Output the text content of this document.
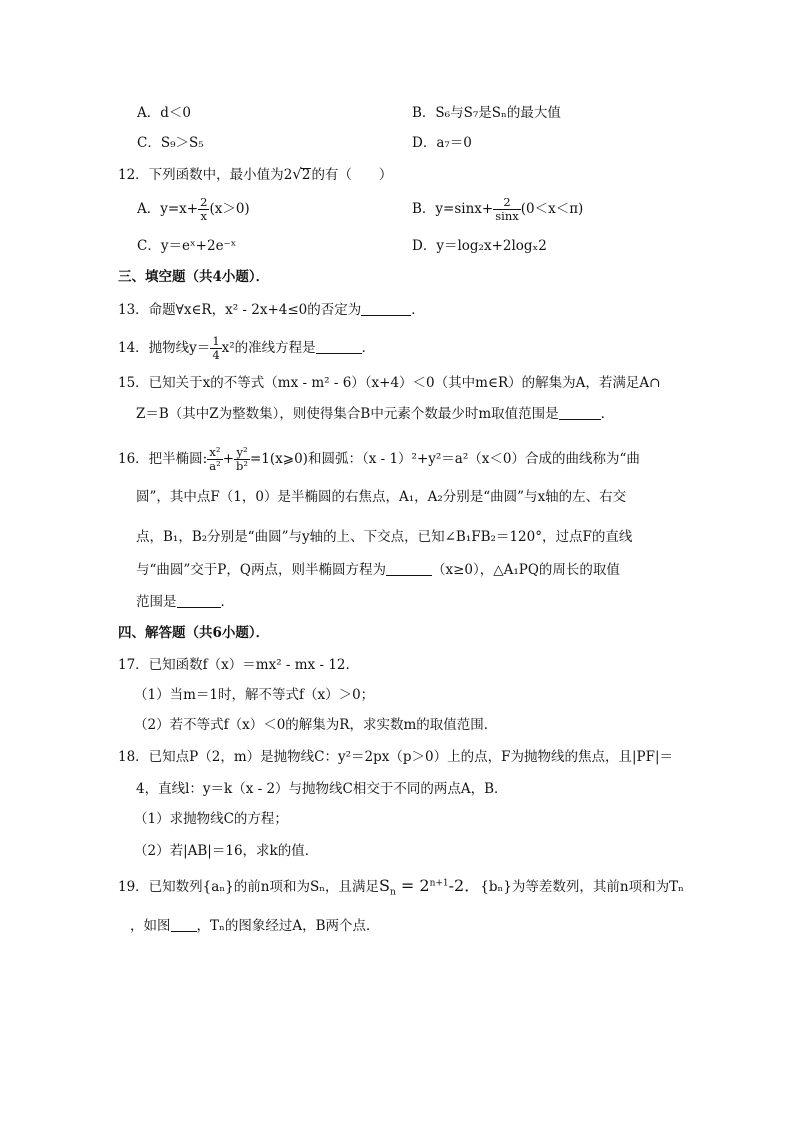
A．d＜0	B．S₆与S₇是Sₙ的最大值
C．S₉＞S₅	D．a₇＝0
12．下列函数中，最小值为2√2的有（　　）
A．$y=x+ \frac{2}{x} (x>0)$	B．$y=\sin x+ \frac{2}{\sin x} (0<x<\pi)$
C．y＝eˣ+2e⁻ˣ	D．y＝log₂x+2logₓ2
三、填空题（共4小题）．
13．命题∀x∈R，x² - 2x+4≤0的否定为	．
14．抛物线$y= \frac{1}{4} x^2$的准线方程是	．
15．已知关于x的不等式（mx - m² - 6）（x+4）＜0（其中m∈R）的解集为A，若满足A∩
Z＝B（其中Z为整数集），则使得集合B中元素个数最少时m取值范围是	．
16．把半椭圆: $\frac{\text{x²}}{\text{a²}} + \frac{\text{y²}}{\text{b²}}$ =1(x⩾0)和圆弧：（x - 1）²+y²＝a²（x＜0）合成的曲线称为“曲
圆”，其中点F（1，0）是半椭圆的右焦点，A₁，A₂分别是“曲圆”与x轴的左、右交
点，B₁，B₂分别是“曲圆”与y轴的上、下交点，已知∠B₁FB₂＝120°，过点F的直线
与“曲圆”交于P，Q两点，则半椭圆方程为	（x≥0），△A₁PQ的周长的取值
范围是	．
四、解答题（共6小题）．
17．已知函数f（x）＝mx² - mx - 12．
（1）当m＝1时，解不等式f（x）＞0；
（2）若不等式f（x）＜0的解集为R，求实数m的取值范围．
18．已知点P（2，m）是抛物线C：y²＝2px（p＞0）上的点，F为抛物线的焦点，且|PF|＝
4，直线l：y＝k（x - 2）与抛物线C相交于不同的两点A，B．
（1）求抛物线C的方程；
（2）若|AB|＝16，求k的值．
19．已知数列{aₙ}的前n项和为Sₙ，且满足$S_n = 2^{n+1}-2$．{bₙ}为等差数列，其前n项和为Tₙ
，如图 ，Tₙ的图象经过A，B两个点．
